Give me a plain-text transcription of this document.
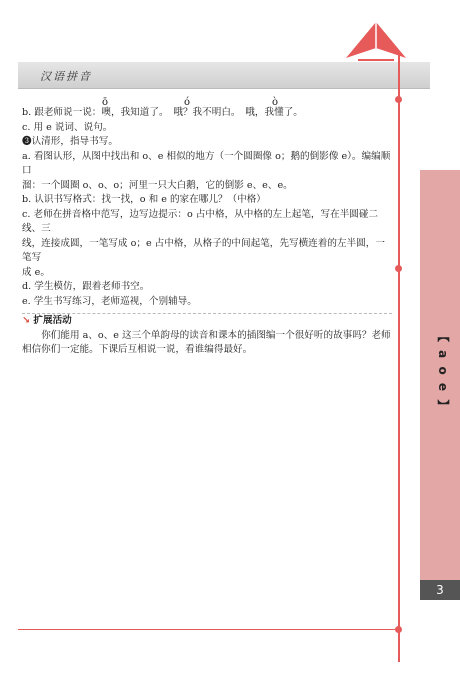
汉语拼音
【 a o e 】
3
ō	ó	ò

b. 跟老师说一说：噢，我知道了。　哦？我不明白。　哦，我懂了。

c. 用 e 说词、说句。

❸认清形，指导书写。

a. 看图认形，从图中找出和 o、e 相似的地方（一个圆圈像 o；鹅的倒影像 e）。编编顺口

溜：一个圆圈 o、o、o；河里一只大白鹅，它的倒影 e、e、e。

b. 认识书写格式：找一找，o 和 e 的家在哪儿？（中格）

c. 老师在拼音格中范写，边写边提示：o 占中格，从中格的左上起笔，写在半圆碰二线、三

线，连接成圆，一笔写成 o；e 占中格，从格子的中间起笔，先写横连着的左半圆，一笔写

成 e。

d. 学生模仿，跟着老师书空。

e. 学生书写练习，老师巡视，个别辅导。

↘ 扩展活动

你们能用 a、o、e 这三个单韵母的读音和课本的插图编一个很好听的故事吗？老师

相信你们一定能。下课后互相说一说，看谁编得最好。
